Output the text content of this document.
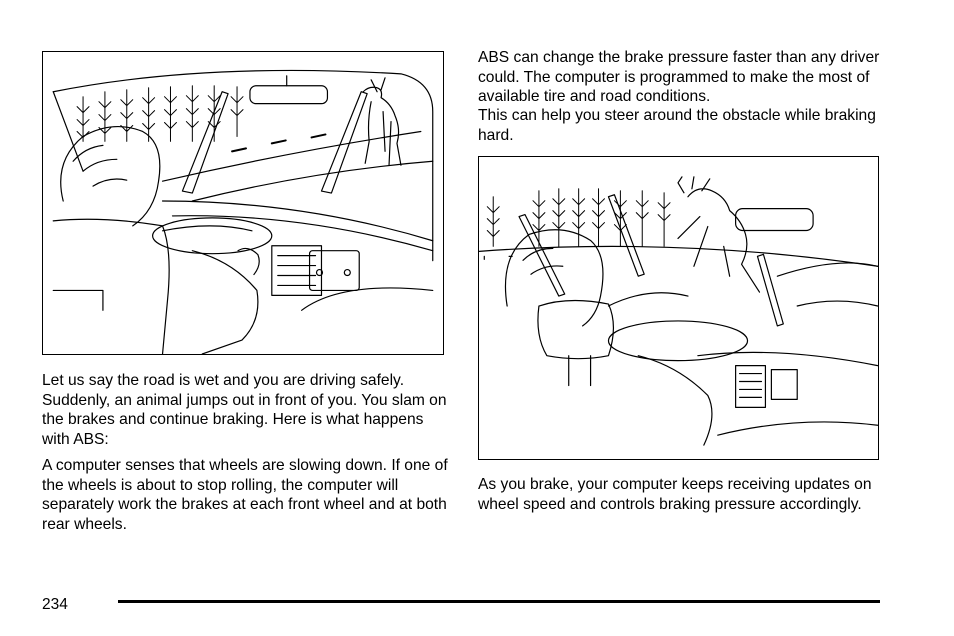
Let us say the road is wet and you are driving safely. Suddenly, an animal jumps out in front of you. You slam on the brakes and continue braking. Here is what happens with ABS:

A computer senses that wheels are slowing down. If one of the wheels is about to stop rolling, the computer will separately work the brakes at each front wheel and at both rear wheels.

ABS can change the brake pressure faster than any driver could. The computer is programmed to make the most of available tire and road conditions.

This can help you steer around the obstacle while braking hard.

As you brake, your computer keeps receiving updates on wheel speed and controls braking pressure accordingly.

234
